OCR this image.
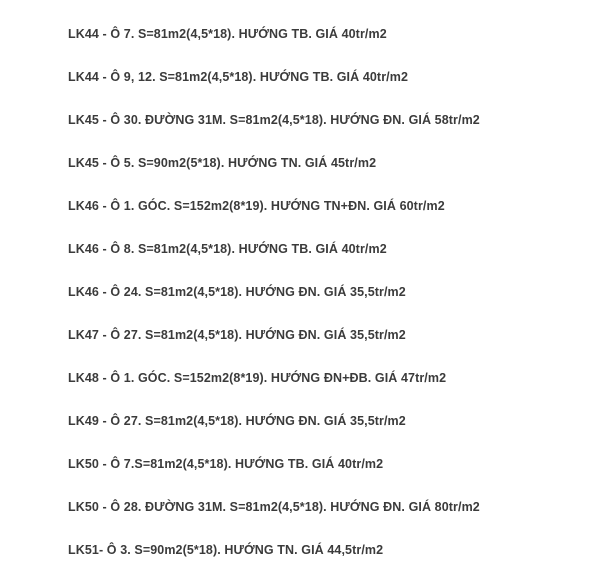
LK44 - Ô 7. S=81m2(4,5*18). HƯỚNG TB. GIÁ 40tr/m2
LK44 - Ô 9, 12. S=81m2(4,5*18). HƯỚNG TB. GIÁ 40tr/m2
LK45 - Ô 30. ĐƯỜNG 31M. S=81m2(4,5*18). HƯỚNG ĐN. GIÁ 58tr/m2
LK45 - Ô 5. S=90m2(5*18). HƯỚNG TN. GIÁ 45tr/m2
LK46 - Ô 1. GÓC. S=152m2(8*19). HƯỚNG TN+ĐN. GIÁ 60tr/m2
LK46 - Ô 8. S=81m2(4,5*18). HƯỚNG TB. GIÁ 40tr/m2
LK46 - Ô 24. S=81m2(4,5*18). HƯỚNG ĐN. GIÁ 35,5tr/m2
LK47 - Ô 27. S=81m2(4,5*18). HƯỚNG ĐN. GIÁ 35,5tr/m2
LK48 - Ô 1. GÓC. S=152m2(8*19). HƯỚNG ĐN+ĐB. GIÁ 47tr/m2
LK49 - Ô 27. S=81m2(4,5*18). HƯỚNG ĐN. GIÁ 35,5tr/m2
LK50 - Ô 7.S=81m2(4,5*18). HƯỚNG TB. GIÁ 40tr/m2
LK50 - Ô 28. ĐƯỜNG 31M. S=81m2(4,5*18). HƯỚNG ĐN. GIÁ 80tr/m2
LK51- Ô 3. S=90m2(5*18). HƯỚNG TN. GIÁ 44,5tr/m2
